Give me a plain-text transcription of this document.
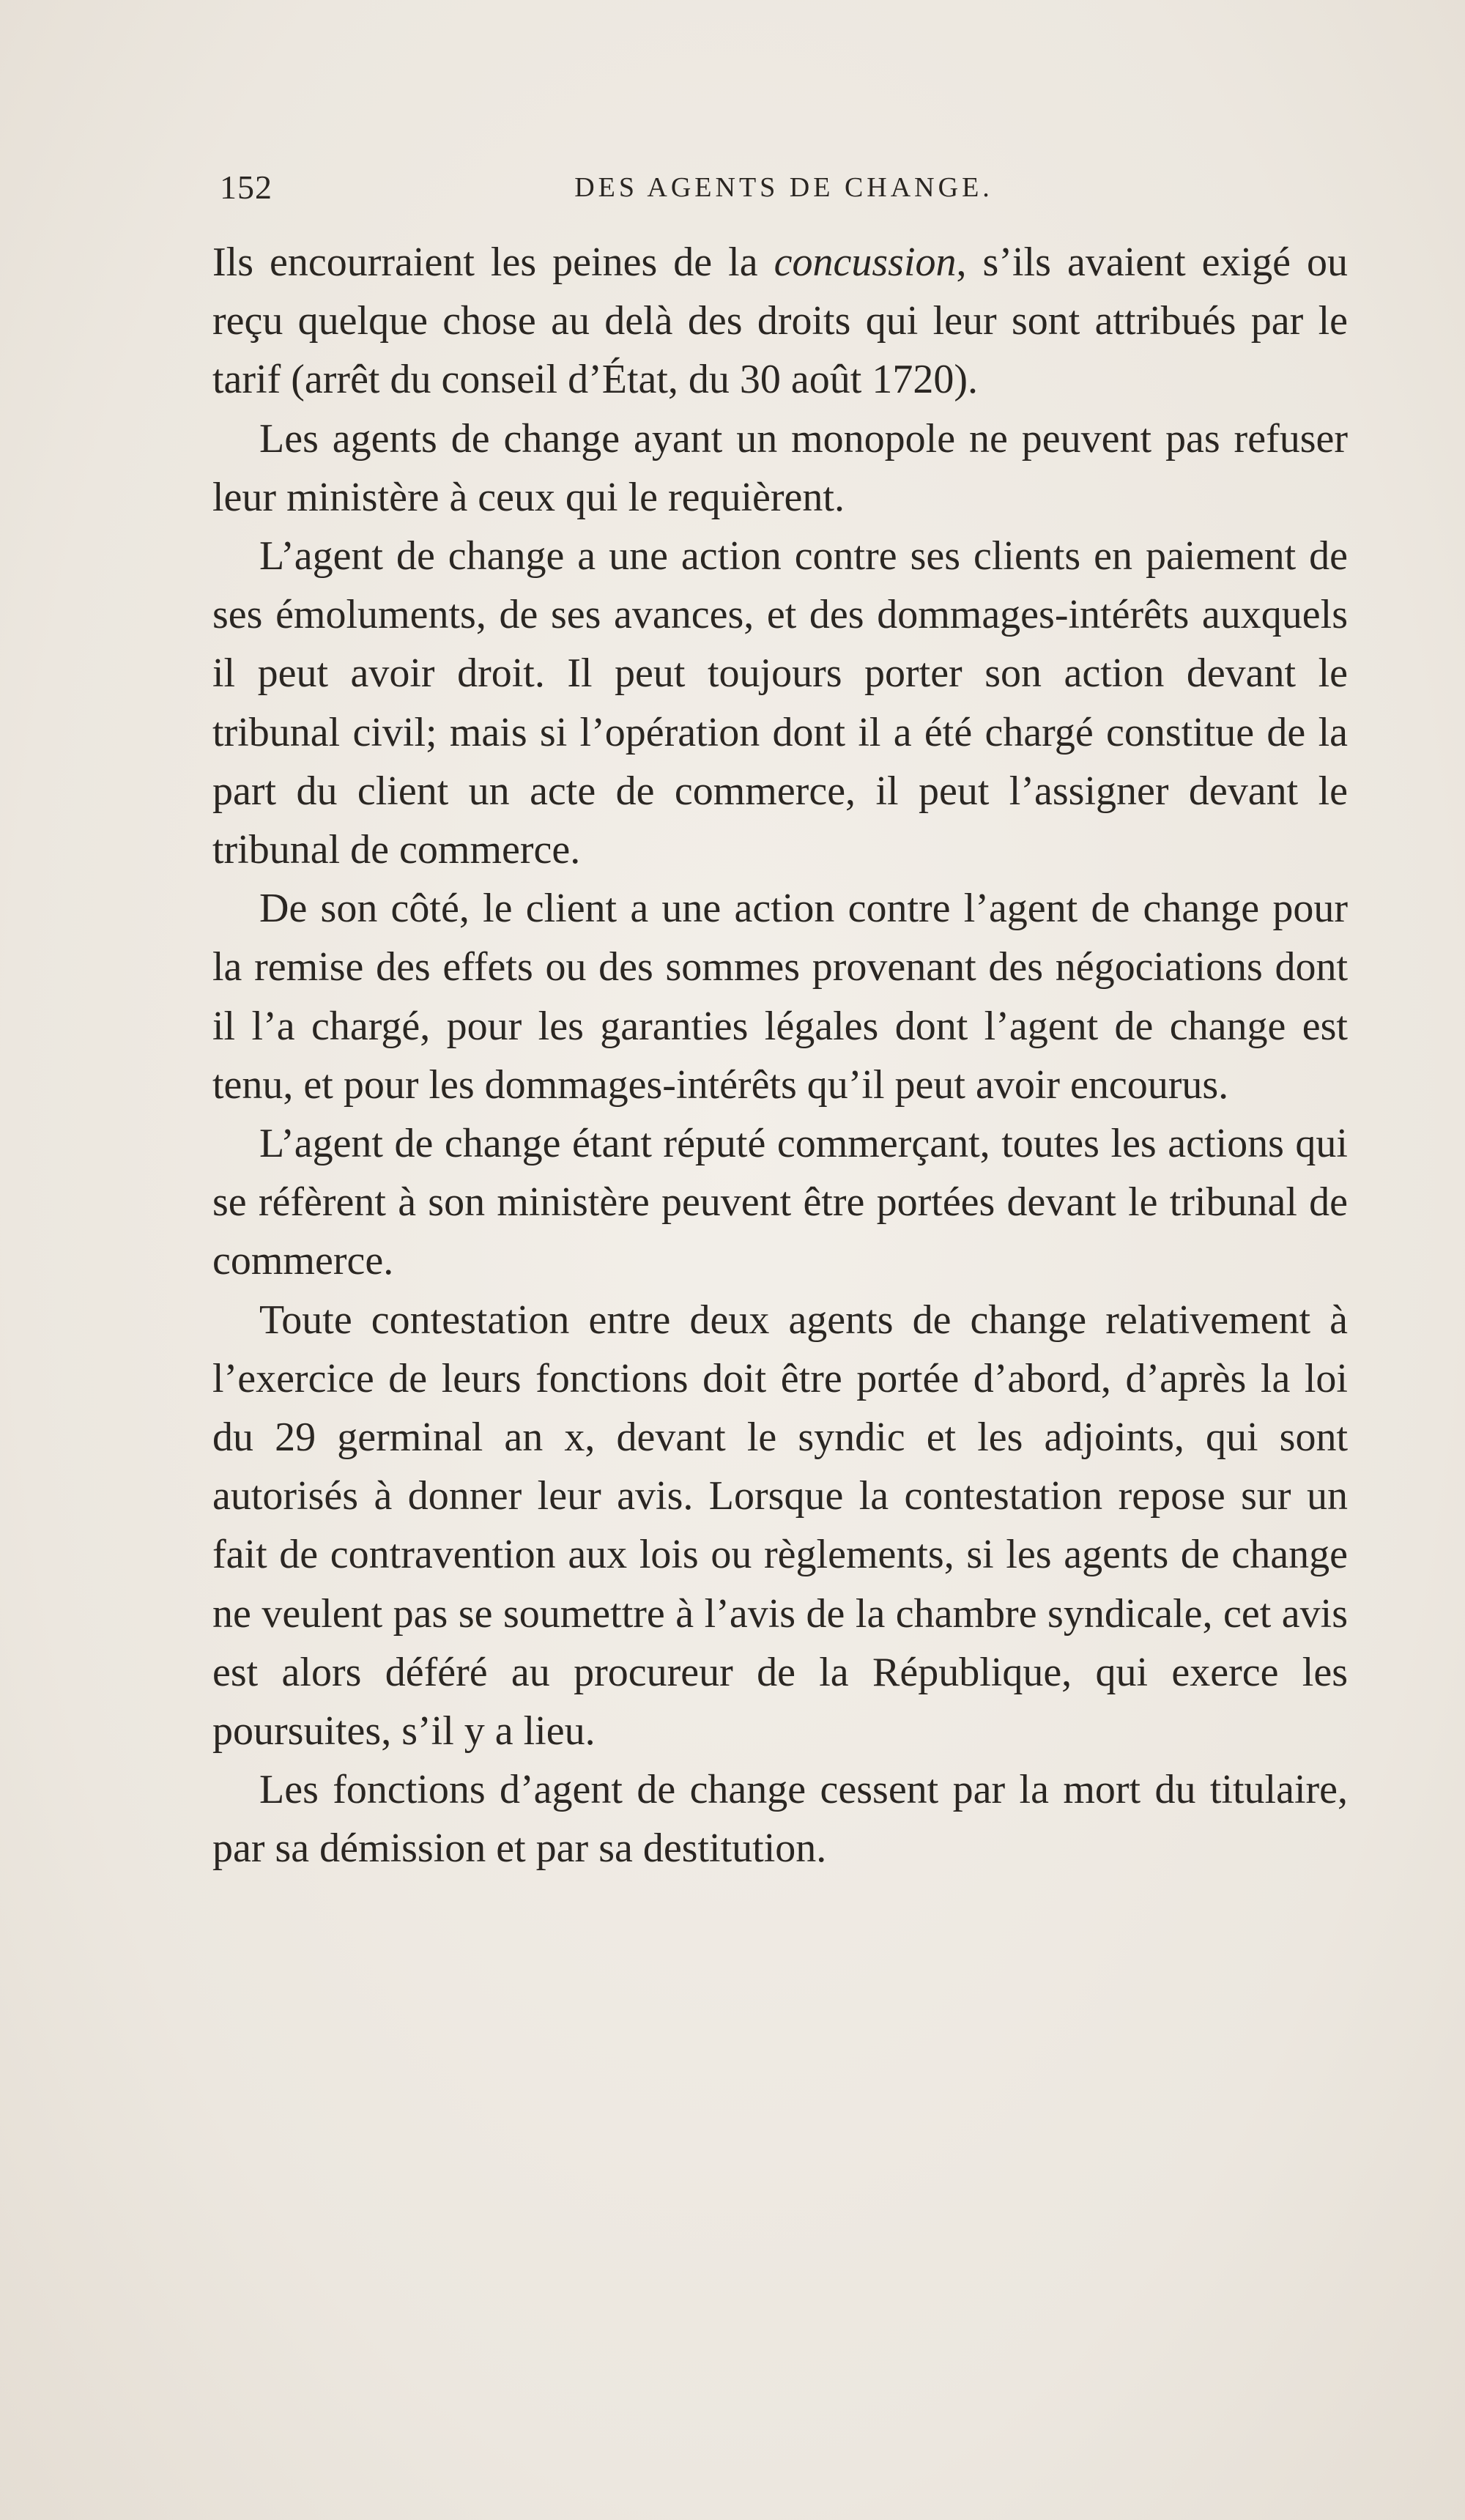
152	DES AGENTS DE CHANGE.

Ils encourraient les peines de la concussion, s’ils avaient exigé ou reçu quelque chose au delà des droits qui leur sont attribués par le tarif (arrêt du conseil d’État, du 30 août 1720).

Les agents de change ayant un monopole ne peuvent pas refuser leur ministère à ceux qui le requièrent.

L’agent de change a une action contre ses clients en paiement de ses émoluments, de ses avances, et des dommages-intérêts auxquels il peut avoir droit. Il peut toujours porter son action devant le tribunal civil; mais si l’opération dont il a été chargé constitue de la part du client un acte de commerce, il peut l’assigner devant le tribunal de commerce.

De son côté, le client a une action contre l’agent de change pour la remise des effets ou des sommes provenant des négociations dont il l’a chargé, pour les garanties légales dont l’agent de change est tenu, et pour les dommages-intérêts qu’il peut avoir encourus.

L’agent de change étant réputé commerçant, toutes les actions qui se réfèrent à son ministère peuvent être portées devant le tribunal de commerce.

Toute contestation entre deux agents de change relativement à l’exercice de leurs fonctions doit être portée d’abord, d’après la loi du 29 germinal an x, devant le syndic et les adjoints, qui sont autorisés à donner leur avis. Lorsque la contestation repose sur un fait de contravention aux lois ou règlements, si les agents de change ne veulent pas se soumettre à l’avis de la chambre syndicale, cet avis est alors déféré au procureur de la République, qui exerce les poursuites, s’il y a lieu.

Les fonctions d’agent de change cessent par la mort du titulaire, par sa démission et par sa destitution.
